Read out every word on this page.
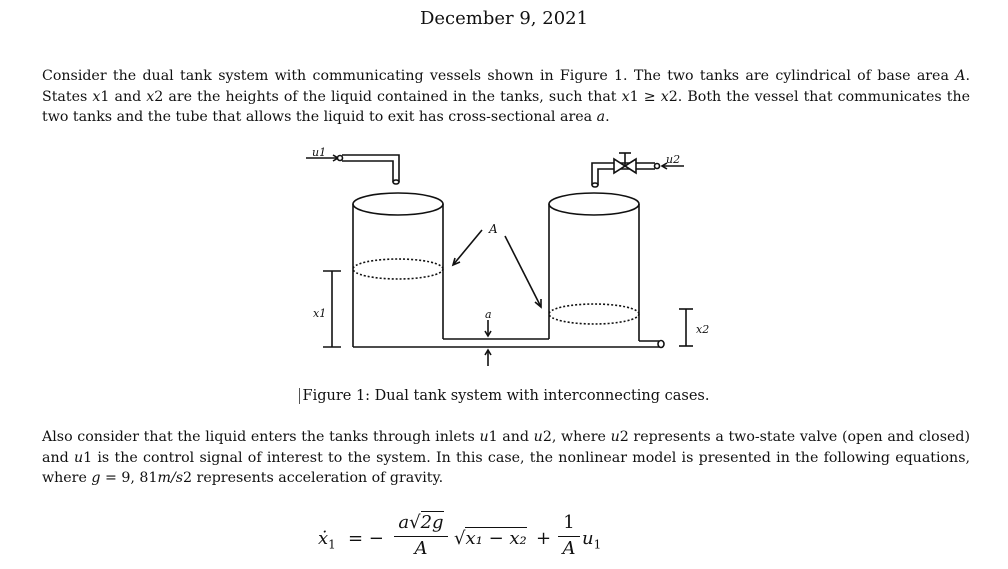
December 9, 2021

Consider the dual tank system with communicating vessels shown in Figure 1. The two tanks are cylindrical of base area A. States x1 and x2 are the heights of the liquid contained in the tanks, such that x1 ≥ x2. Both the vessel that communicates the two tanks and the tube that allows the liquid to exit has cross-sectional area a.

u1
u2
A
a
x1
x2
Figure 1: Dual tank system with interconnecting cases.

Also consider that the liquid enters the tanks through inlets u1 and u2, where u2 represents a two-state valve (open and closed) and u1 is the control signal of interest to the system. In this case, the nonlinear model is presented in the following equations, where g = 9, 81m/s2 represents acceleration of gravity.

ẋ$_1$ = − $\frac{a√2g}{A} √x_1 - x_2 + \frac{1}{A} u_1$
